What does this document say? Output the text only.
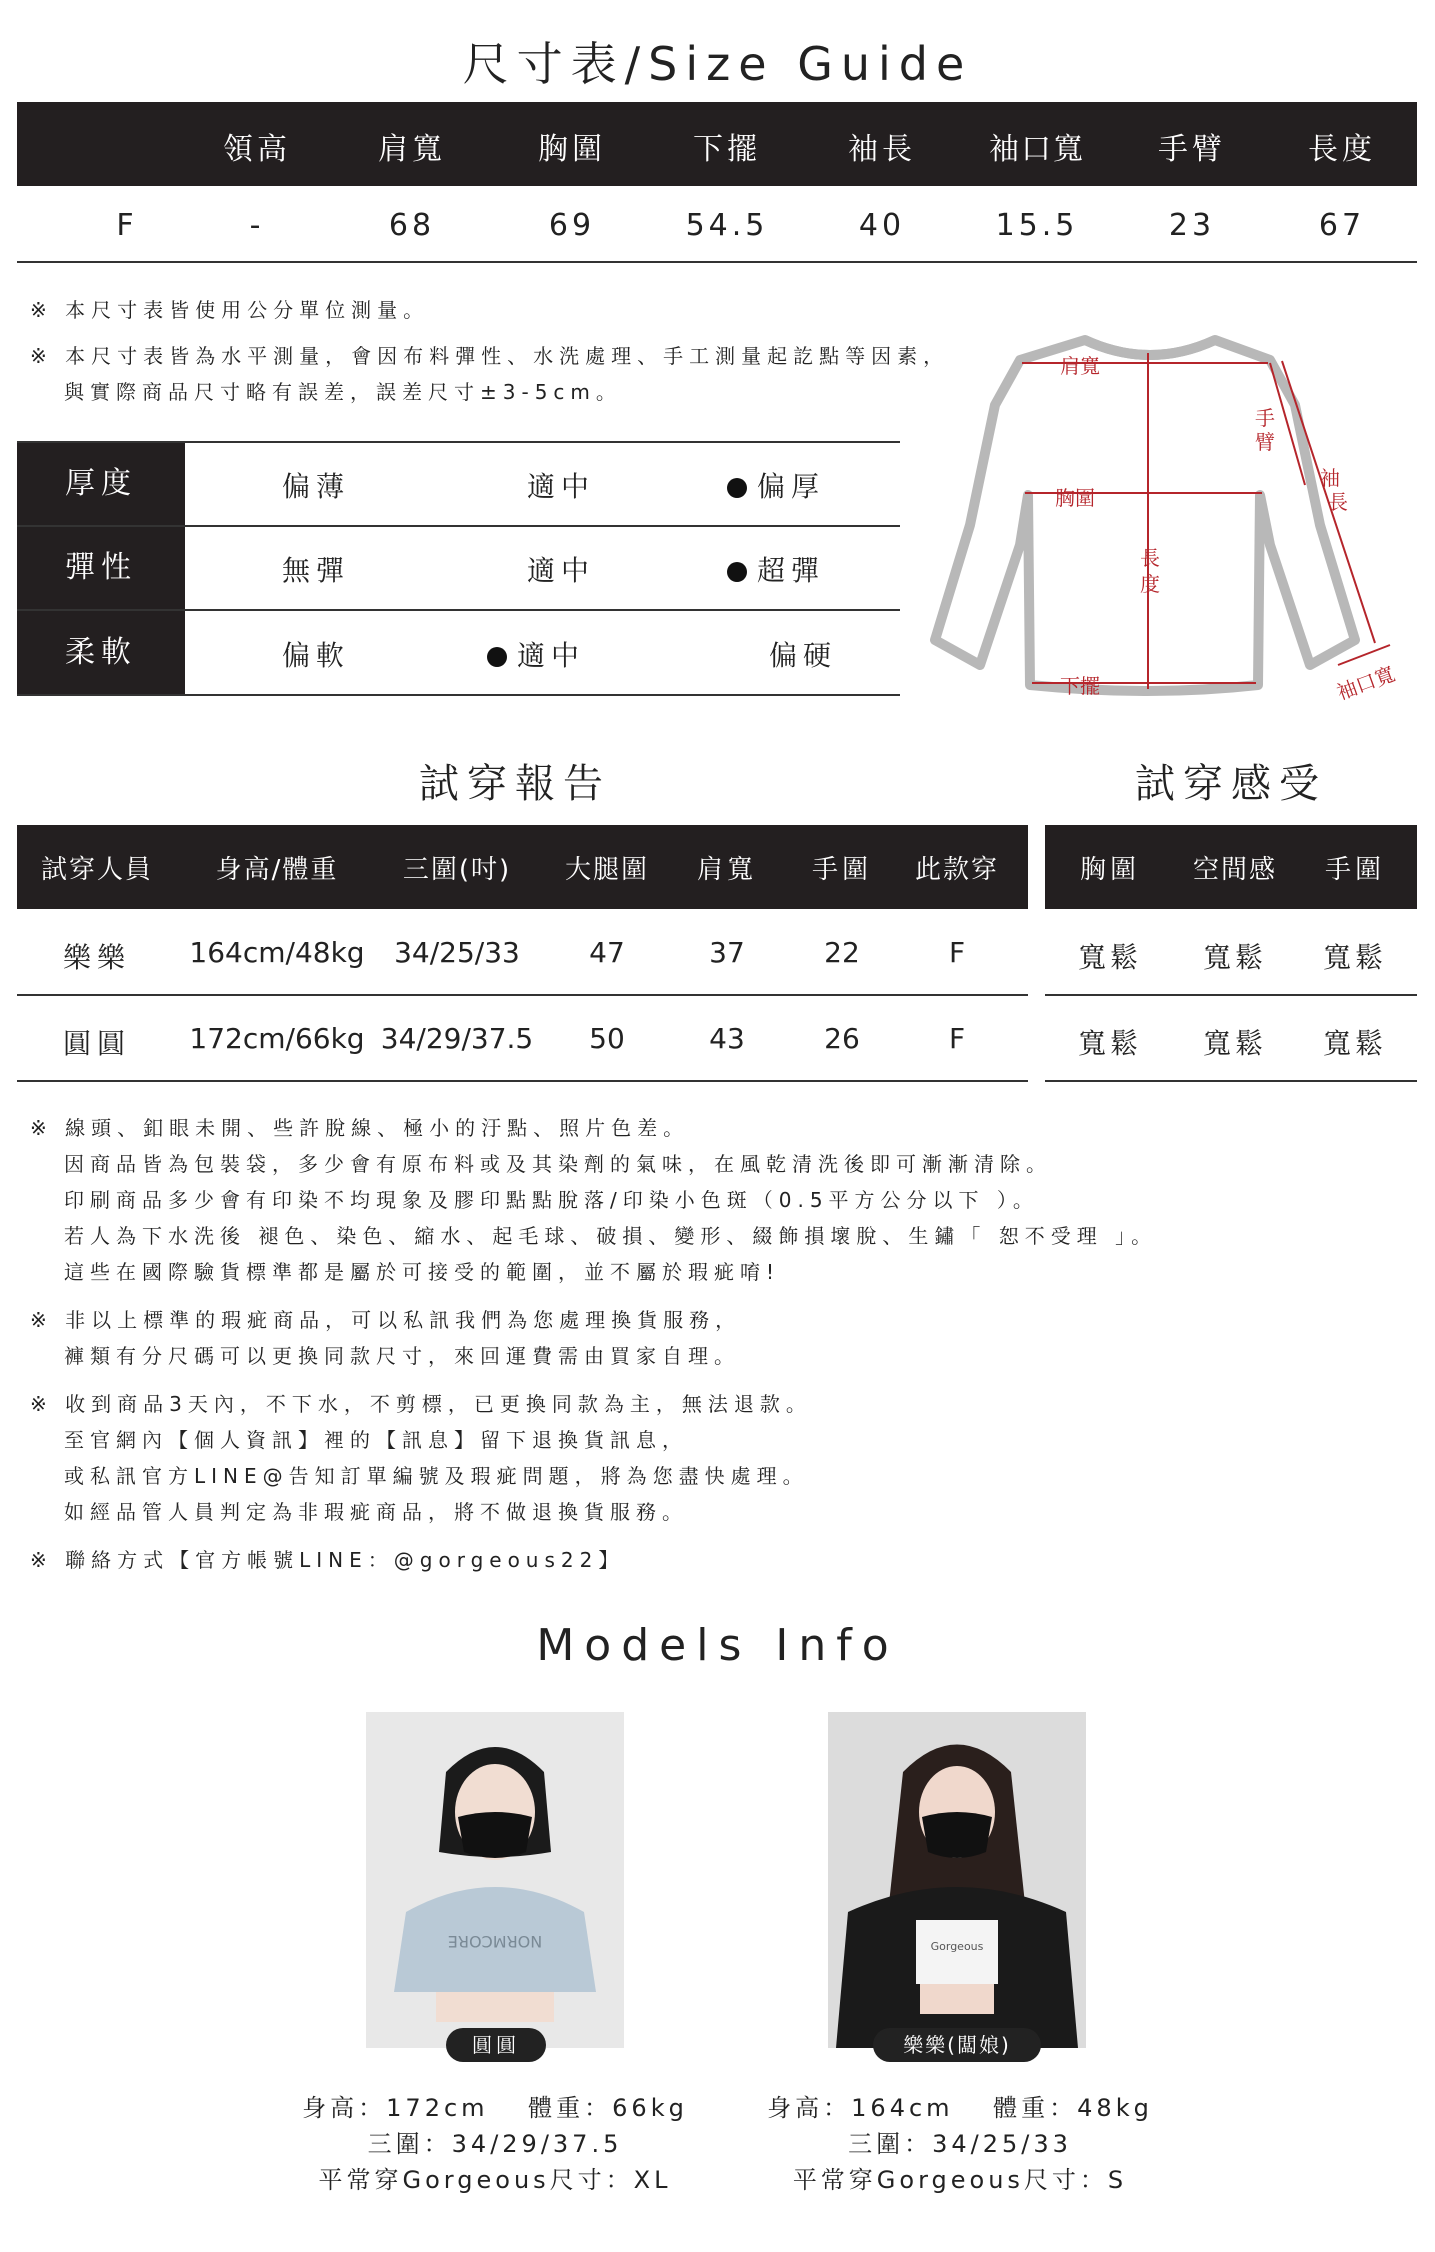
尺寸表/Size Guide
領高	肩寬	胸圍	下擺	袖長	袖口寬	手臂	長度
F	-	68	69	54.5	40	15.5	23	67
※ 本尺寸表皆使用公分單位測量。
※ 本尺寸表皆為水平測量，會因布料彈性、水洗處理、手工測量起訖點等因素，
與實際商品尺寸略有誤差，誤差尺寸±3-5cm。
厚度	偏薄	適中	偏厚
彈性	無彈	適中	超彈
柔軟	偏軟	適中	偏硬
肩寬
手
臂
袖
長
胸圍
長
度
下擺	袖口寬
試穿報告	試穿感受
試穿人員	身高/體重	三圍(吋)	大腿圍	肩寬	手圍	此款穿	胸圍	空間感	手圍
樂樂	164cm/48kg	34/25/33	47	37	22	F
圓圓	172cm/66kg 34/29/37.5	50	43	26	F
寬鬆	寬鬆	寬鬆
寬鬆	寬鬆	寬鬆
※ 線頭、釦眼未開、些許脫線、極小的汙點、照片色差。
因商品皆為包裝袋，多少會有原布料或及其染劑的氣味，在風乾清洗後即可漸漸清除。
印刷商品多少會有印染不均現象及膠印點點脫落/印染小色斑（0.5平方公分以下 ）。
若人為下水洗後 褪色、染色、縮水、起毛球、破損、變形、綴飾損壞脫、生鏽「 恕不受理 」。
這些在國際驗貨標準都是屬於可接受的範圍，並不屬於瑕疵唷!
※ 非以上標準的瑕疵商品，可以私訊我們為您處理換貨服務，
褲類有分尺碼可以更換同款尺寸，來回運費需由買家自理。
※ 收到商品3天內，不下水，不剪標，已更換同款為主，無法退款。
至官網內【個人資訊】裡的【訊息】留下退換貨訊息，
或私訊官方LINE@告知訂單編號及瑕疵問題，將為您盡快處理。
如經品管人員判定為非瑕疵商品，將不做退換貨服務。
※ 聯絡方式【官方帳號LINE：@gorgeous22】
Models Info
NORMCORE
圓圓
身高：172cm　 體重：66kg
三圍：34/29/37.5
平常穿Gorgeous尺寸：XL
Gorgeous
樂樂(闆娘)
身高：164cm　 體重：48kg
三圍：34/25/33
平常穿Gorgeous尺寸：S
